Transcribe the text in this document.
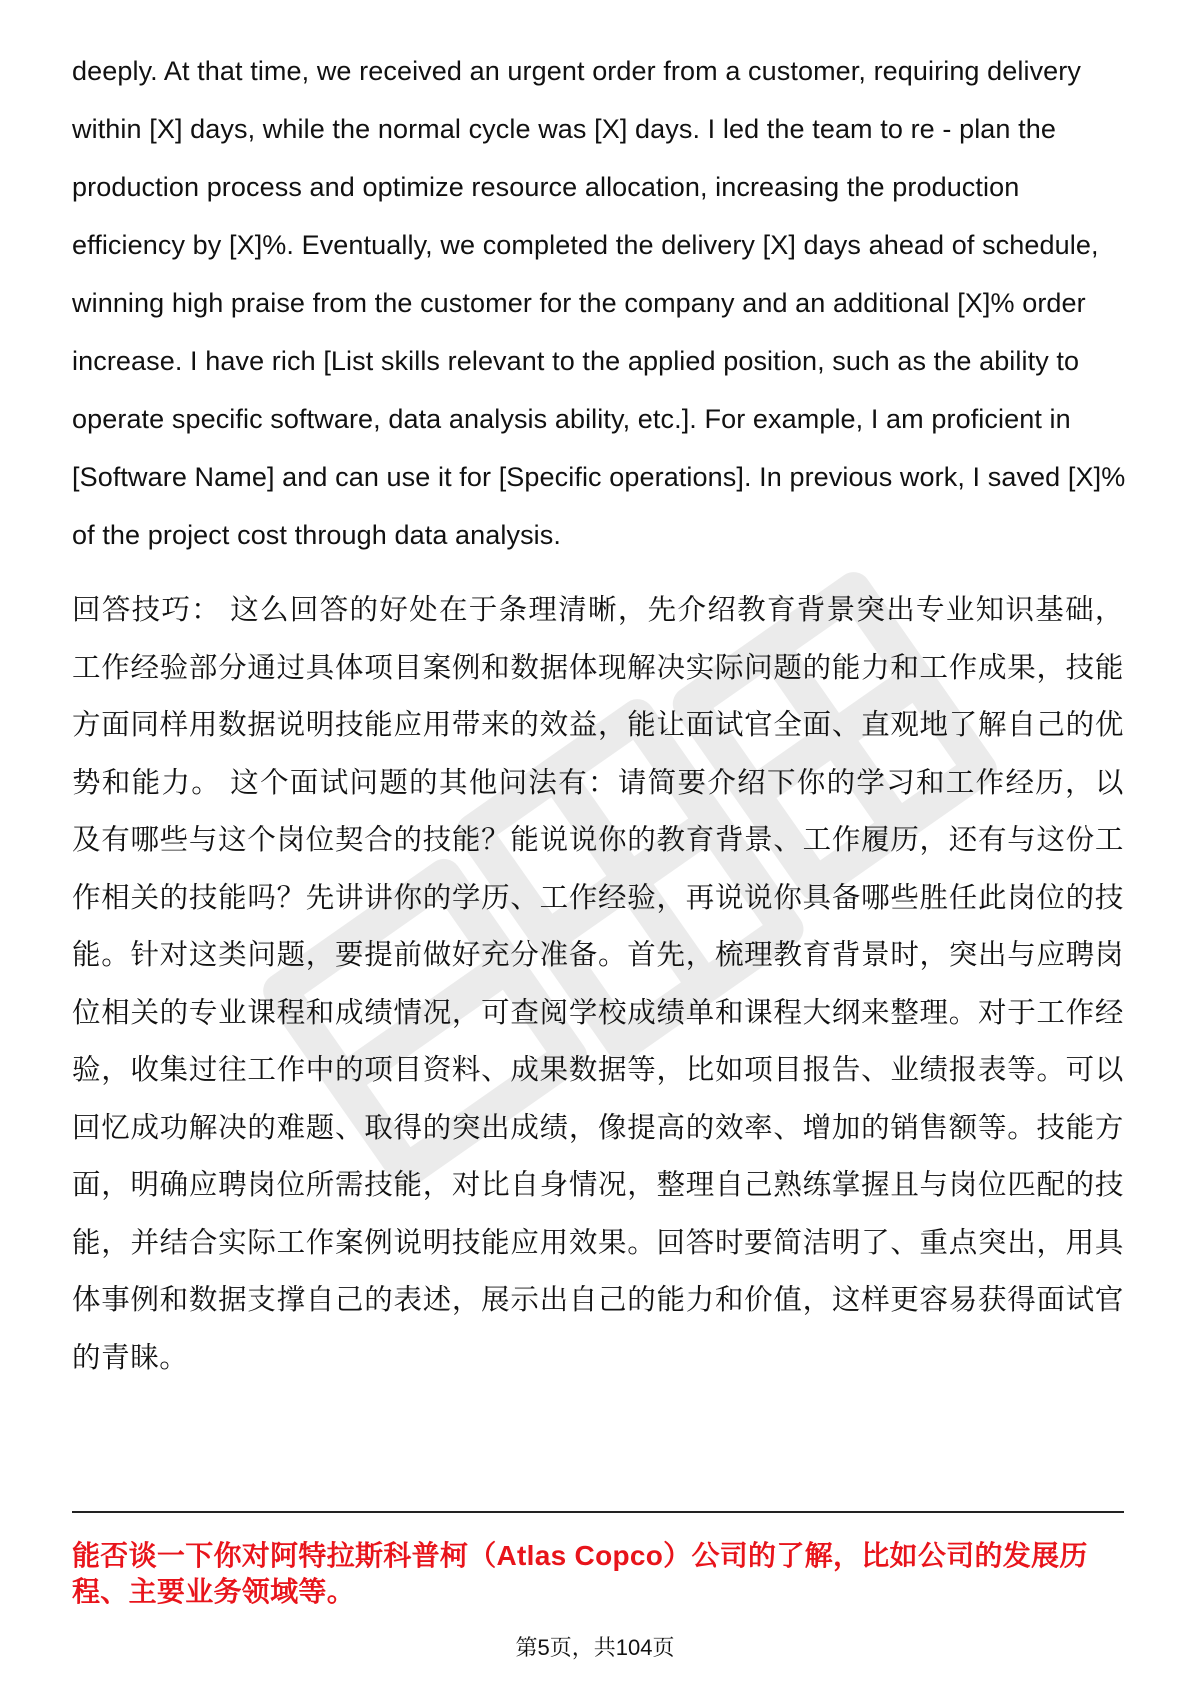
deeply. At that time, we received an urgent order from a customer, requiring delivery within [X] days, while the normal cycle was [X] days. I led the team to re - plan the production process and optimize resource allocation, increasing the production efficiency by [X]%. Eventually, we completed the delivery [X] days ahead of schedule, winning high praise from the customer for the company and an additional [X]% order increase. I have rich [List skills relevant to the applied position, such as the ability to operate specific software, data analysis ability, etc.]. For example, I am proficient in [Software Name] and can use it for [Specific operations]. In previous work, I saved [X]% of the project cost through data analysis.

回答技巧： 这么回答的好处在于条理清晰，先介绍教育背景突出专业知识基础，工作经验部分通过具体项目案例和数据体现解决实际问题的能力和工作成果，技能方面同样用数据说明技能应用带来的效益，能让面试官全面、直观地了解自己的优势和能力。 这个面试问题的其他问法有：请简要介绍下你的学习和工作经历，以及有哪些与这个岗位契合的技能？能说说你的教育背景、工作履历，还有与这份工作相关的技能吗？先讲讲你的学历、工作经验，再说说你具备哪些胜任此岗位的技能。针对这类问题，要提前做好充分准备。首先，梳理教育背景时，突出与应聘岗位相关的专业课程和成绩情况，可查阅学校成绩单和课程大纲来整理。对于工作经验，收集过往工作中的项目资料、成果数据等，比如项目报告、业绩报表等。可以回忆成功解决的难题、取得的突出成绩，像提高的效率、增加的销售额等。技能方面，明确应聘岗位所需技能，对比自身情况，整理自己熟练掌握且与岗位匹配的技能，并结合实际工作案例说明技能应用效果。回答时要简洁明了、重点突出，用具体事例和数据支撑自己的表述，展示出自己的能力和价值，这样更容易获得面试官的青睐。

能否谈一下你对阿特拉斯科普柯（Atlas Copco）公司的了解，比如公司的发展历程、主要业务领域等。

第5页，共104页
